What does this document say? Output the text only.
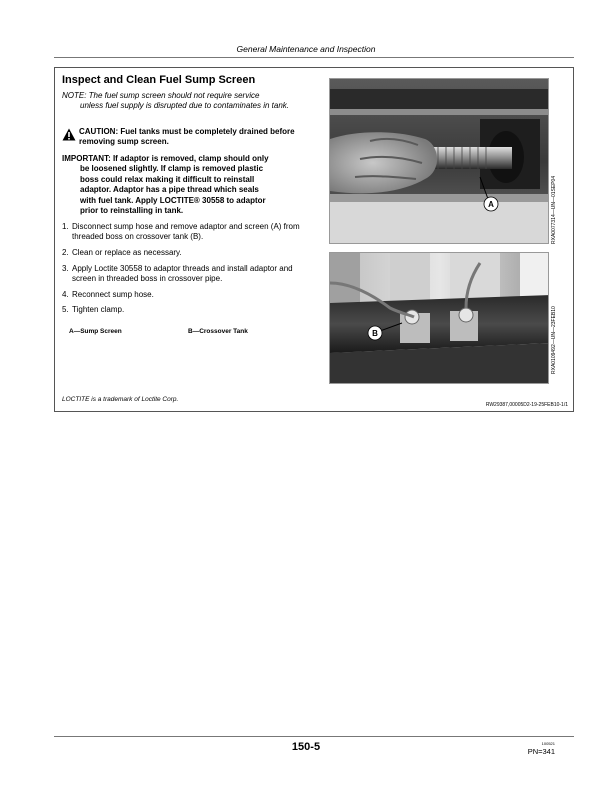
General Maintenance and Inspection
Inspect and Clean Fuel Sump Screen
NOTE: The fuel sump screen should not require service
unless fuel supply is disrupted due to contaminates in tank.
CAUTION: Fuel tanks must be completely drained before removing sump screen.
IMPORTANT: If adaptor is removed, clamp should only
be loosened slightly. If clamp is removed plastic
boss could relax making it difficult to reinstall
adaptor. Adaptor has a pipe thread which seals
with fuel tank. Apply LOCTITE® 30558 to adaptor
prior to reinstalling in tank.
1. Disconnect sump hose and remove adaptor and screen (A) from threaded boss on crossover tank (B).
2. Clean or replace as necessary.
3. Apply Loctite 30558 to adaptor threads and install adaptor and screen in threaded boss in crossover pipe.
4. Reconnect sump hose.
5. Tighten clamp.
A—Sump Screen	B—Crossover Tank
A
B
RXA0077314—UN—01SEP04
RXA0109492—UN—23FEB10
LOCTITE is a trademark of Loctite Corp.
RW29387,00005D2-19-25FEB10-1/1
150-5	100521
PN=341
